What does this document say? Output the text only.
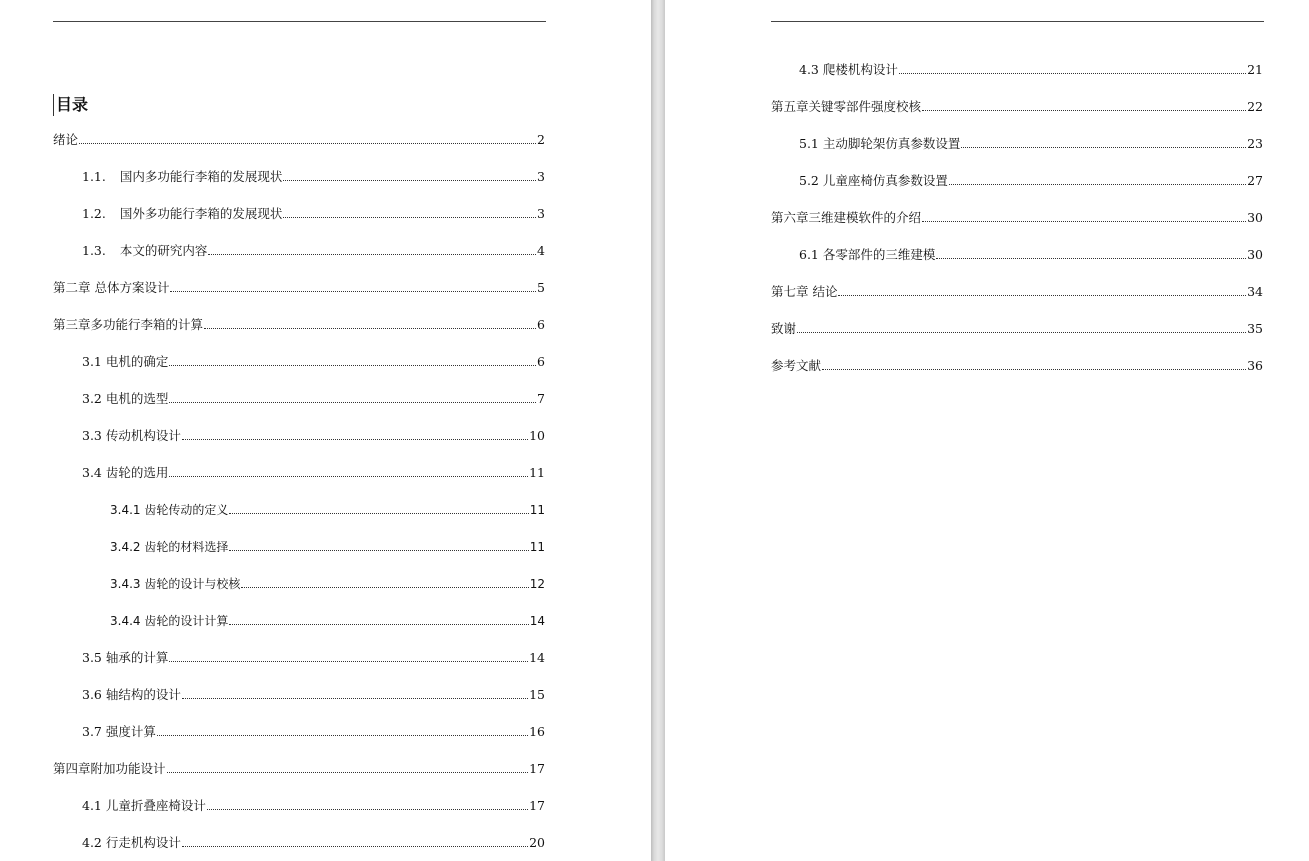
目录
绪论	2
1.1. 国内多功能行李箱的发展现状	3
1.2. 国外多功能行李箱的发展现状	3
1.3. 本文的研究内容	4
第二章 总体方案设计	5
第三章多功能行李箱的计算	6
3.1 电机的确定	6
3.2 电机的选型	7
3.3 传动机构设计	10
3.4 齿轮的选用	11
3.4.1 齿轮传动的定义	11
3.4.2 齿轮的材料选择	11
3.4.3 齿轮的设计与校核	12
3.4.4 齿轮的设计计算	14
3.5 轴承的计算	14
3.6 轴结构的设计	15
3.7 强度计算	16
第四章附加功能设计	17
4.1 儿童折叠座椅设计	17
4.2 行走机构设计	20
4.3 爬楼机构设计	21
第五章关键零部件强度校核	22
5.1 主动脚轮架仿真参数设置	23
5.2 儿童座椅仿真参数设置	27
第六章三维建模软件的介绍	30
6.1 各零部件的三维建模	30
第七章 结论	34
致谢	35
参考文献	36
